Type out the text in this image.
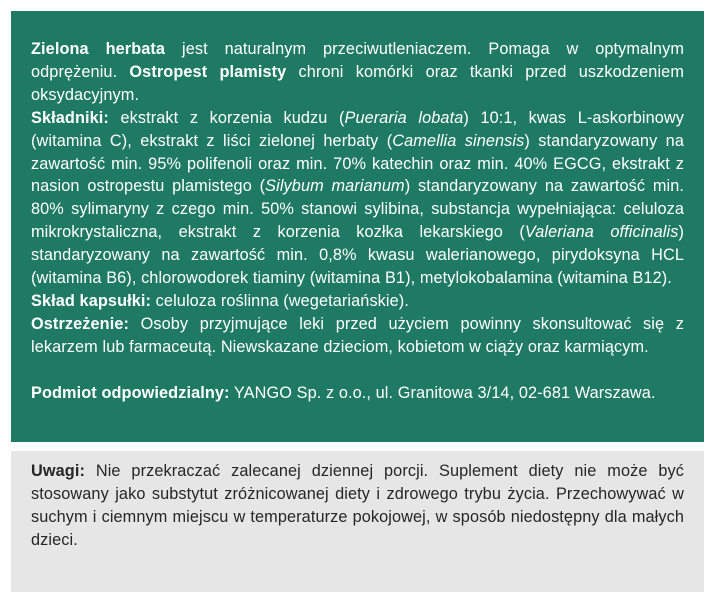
Zielona herbata jest naturalnym przeciwutleniaczem. Pomaga w optymalnym odprężeniu. Ostropest plamisty chroni komórki oraz tkanki przed uszkodzeniem oksydacyjnym.

Składniki: ekstrakt z korzenia kudzu (Pueraria lobata) 10:1, kwas L-askorbinowy (witamina C), ekstrakt z liści zielonej herbaty (Camellia sinensis) standaryzowany na zawartość min. 95% polifenoli oraz min. 70% katechin oraz min. 40% EGCG, ekstrakt z nasion ostropestu plamistego (Silybum marianum) standaryzowany na zawartość min. 80% sylimaryny z czego min. 50% stanowi sylibina, substancja wypełniająca: celuloza mikrokrystaliczna, ekstrakt z korzenia kozłka lekarskiego (Valeriana officinalis) standaryzowany na zawartość min. 0,8% kwasu walerianowego, pirydoksyna HCL (witamina B6), chlorowodorek tiaminy (witamina B1), metylokobalamina (witamina B12).

Skład kapsułki: celuloza roślinna (wegetariańskie).

Ostrzeżenie: Osoby przyjmujące leki przed użyciem powinny skonsultować się z lekarzem lub farmaceutą. Niewskazane dzieciom, kobietom w ciąży oraz karmiącym.

Podmiot odpowiedzialny: YANGO Sp. z o.o., ul. Granitowa 3/14, 02-681 Warszawa.

Uwagi: Nie przekraczać zalecanej dziennej porcji. Suplement diety nie może być stosowany jako substytut zróżnicowanej diety i zdrowego trybu życia. Przechowywać w suchym i ciemnym miejscu w temperaturze pokojowej, w sposób niedostępny dla małych dzieci.
